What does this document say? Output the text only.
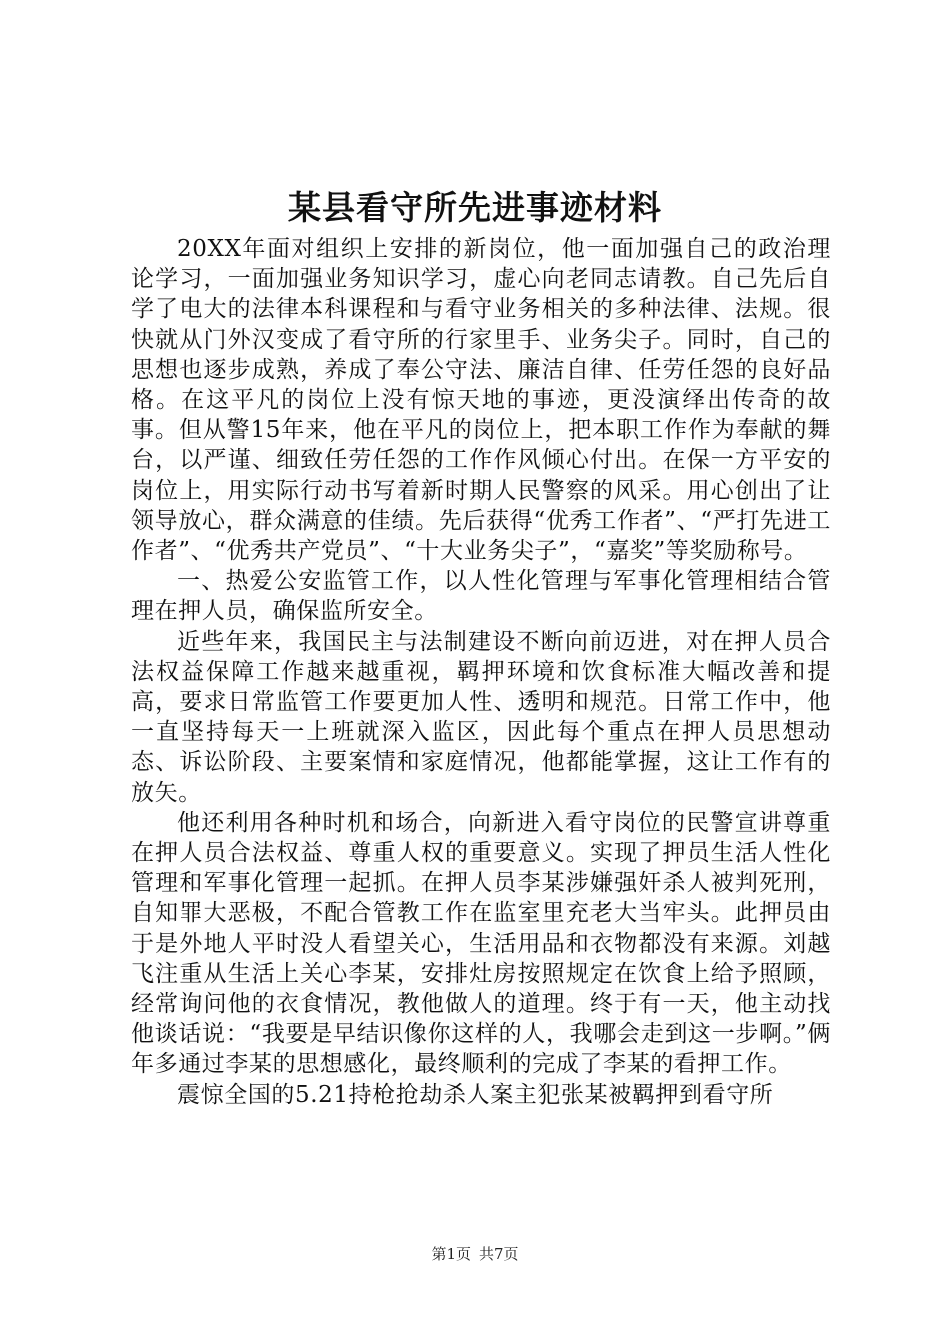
某县看守所先进事迹材料

20XX年面对组织上安排的新岗位，他一面加强自己的政治理论学习，一面加强业务知识学习，虚心向老同志请教。自己先后自学了电大的法律本科课程和与看守业务相关的多种法律、法规。很快就从门外汉变成了看守所的行家里手、业务尖子。同时，自己的思想也逐步成熟，养成了奉公守法、廉洁自律、任劳任怨的良好品格。在这平凡的岗位上没有惊天地的事迹，更没演绎出传奇的故事。但从警15年来，他在平凡的岗位上，把本职工作作为奉献的舞台，以严谨、细致任劳任怨的工作作风倾心付出。在保一方平安的岗位上，用实际行动书写着新时期人民警察的风采。用心创出了让领导放心，群众满意的佳绩。先后获得“优秀工作者”、“严打先进工作者”、“优秀共产党员”、“十大业务尖子”，“嘉奖”等奖励称号。

一、热爱公安监管工作，以人性化管理与军事化管理相结合管理在押人员，确保监所安全。

近些年来，我国民主与法制建设不断向前迈进，对在押人员合法权益保障工作越来越重视，羁押环境和饮食标准大幅改善和提高，要求日常监管工作要更加人性、透明和规范。日常工作中，他一直坚持每天一上班就深入监区，因此每个重点在押人员思想动态、诉讼阶段、主要案情和家庭情况，他都能掌握，这让工作有的放矢。

他还利用各种时机和场合，向新进入看守岗位的民警宣讲尊重在押人员合法权益、尊重人权的重要意义。实现了押员生活人性化管理和军事化管理一起抓。在押人员李某涉嫌强奸杀人被判死刑，自知罪大恶极，不配合管教工作在监室里充老大当牢头。此押员由于是外地人平时没人看望关心，生活用品和衣物都没有来源。刘越飞注重从生活上关心李某，安排灶房按照规定在饮食上给予照顾，经常询问他的衣食情况，教他做人的道理。终于有一天，他主动找他谈话说：“我要是早结识像你这样的人，我哪会走到这一步啊。”俩年多通过李某的思想感化，最终顺利的完成了李某的看押工作。

震惊全国的5.21持枪抢劫杀人案主犯张某被羁押到看守所

第1页 共7页
